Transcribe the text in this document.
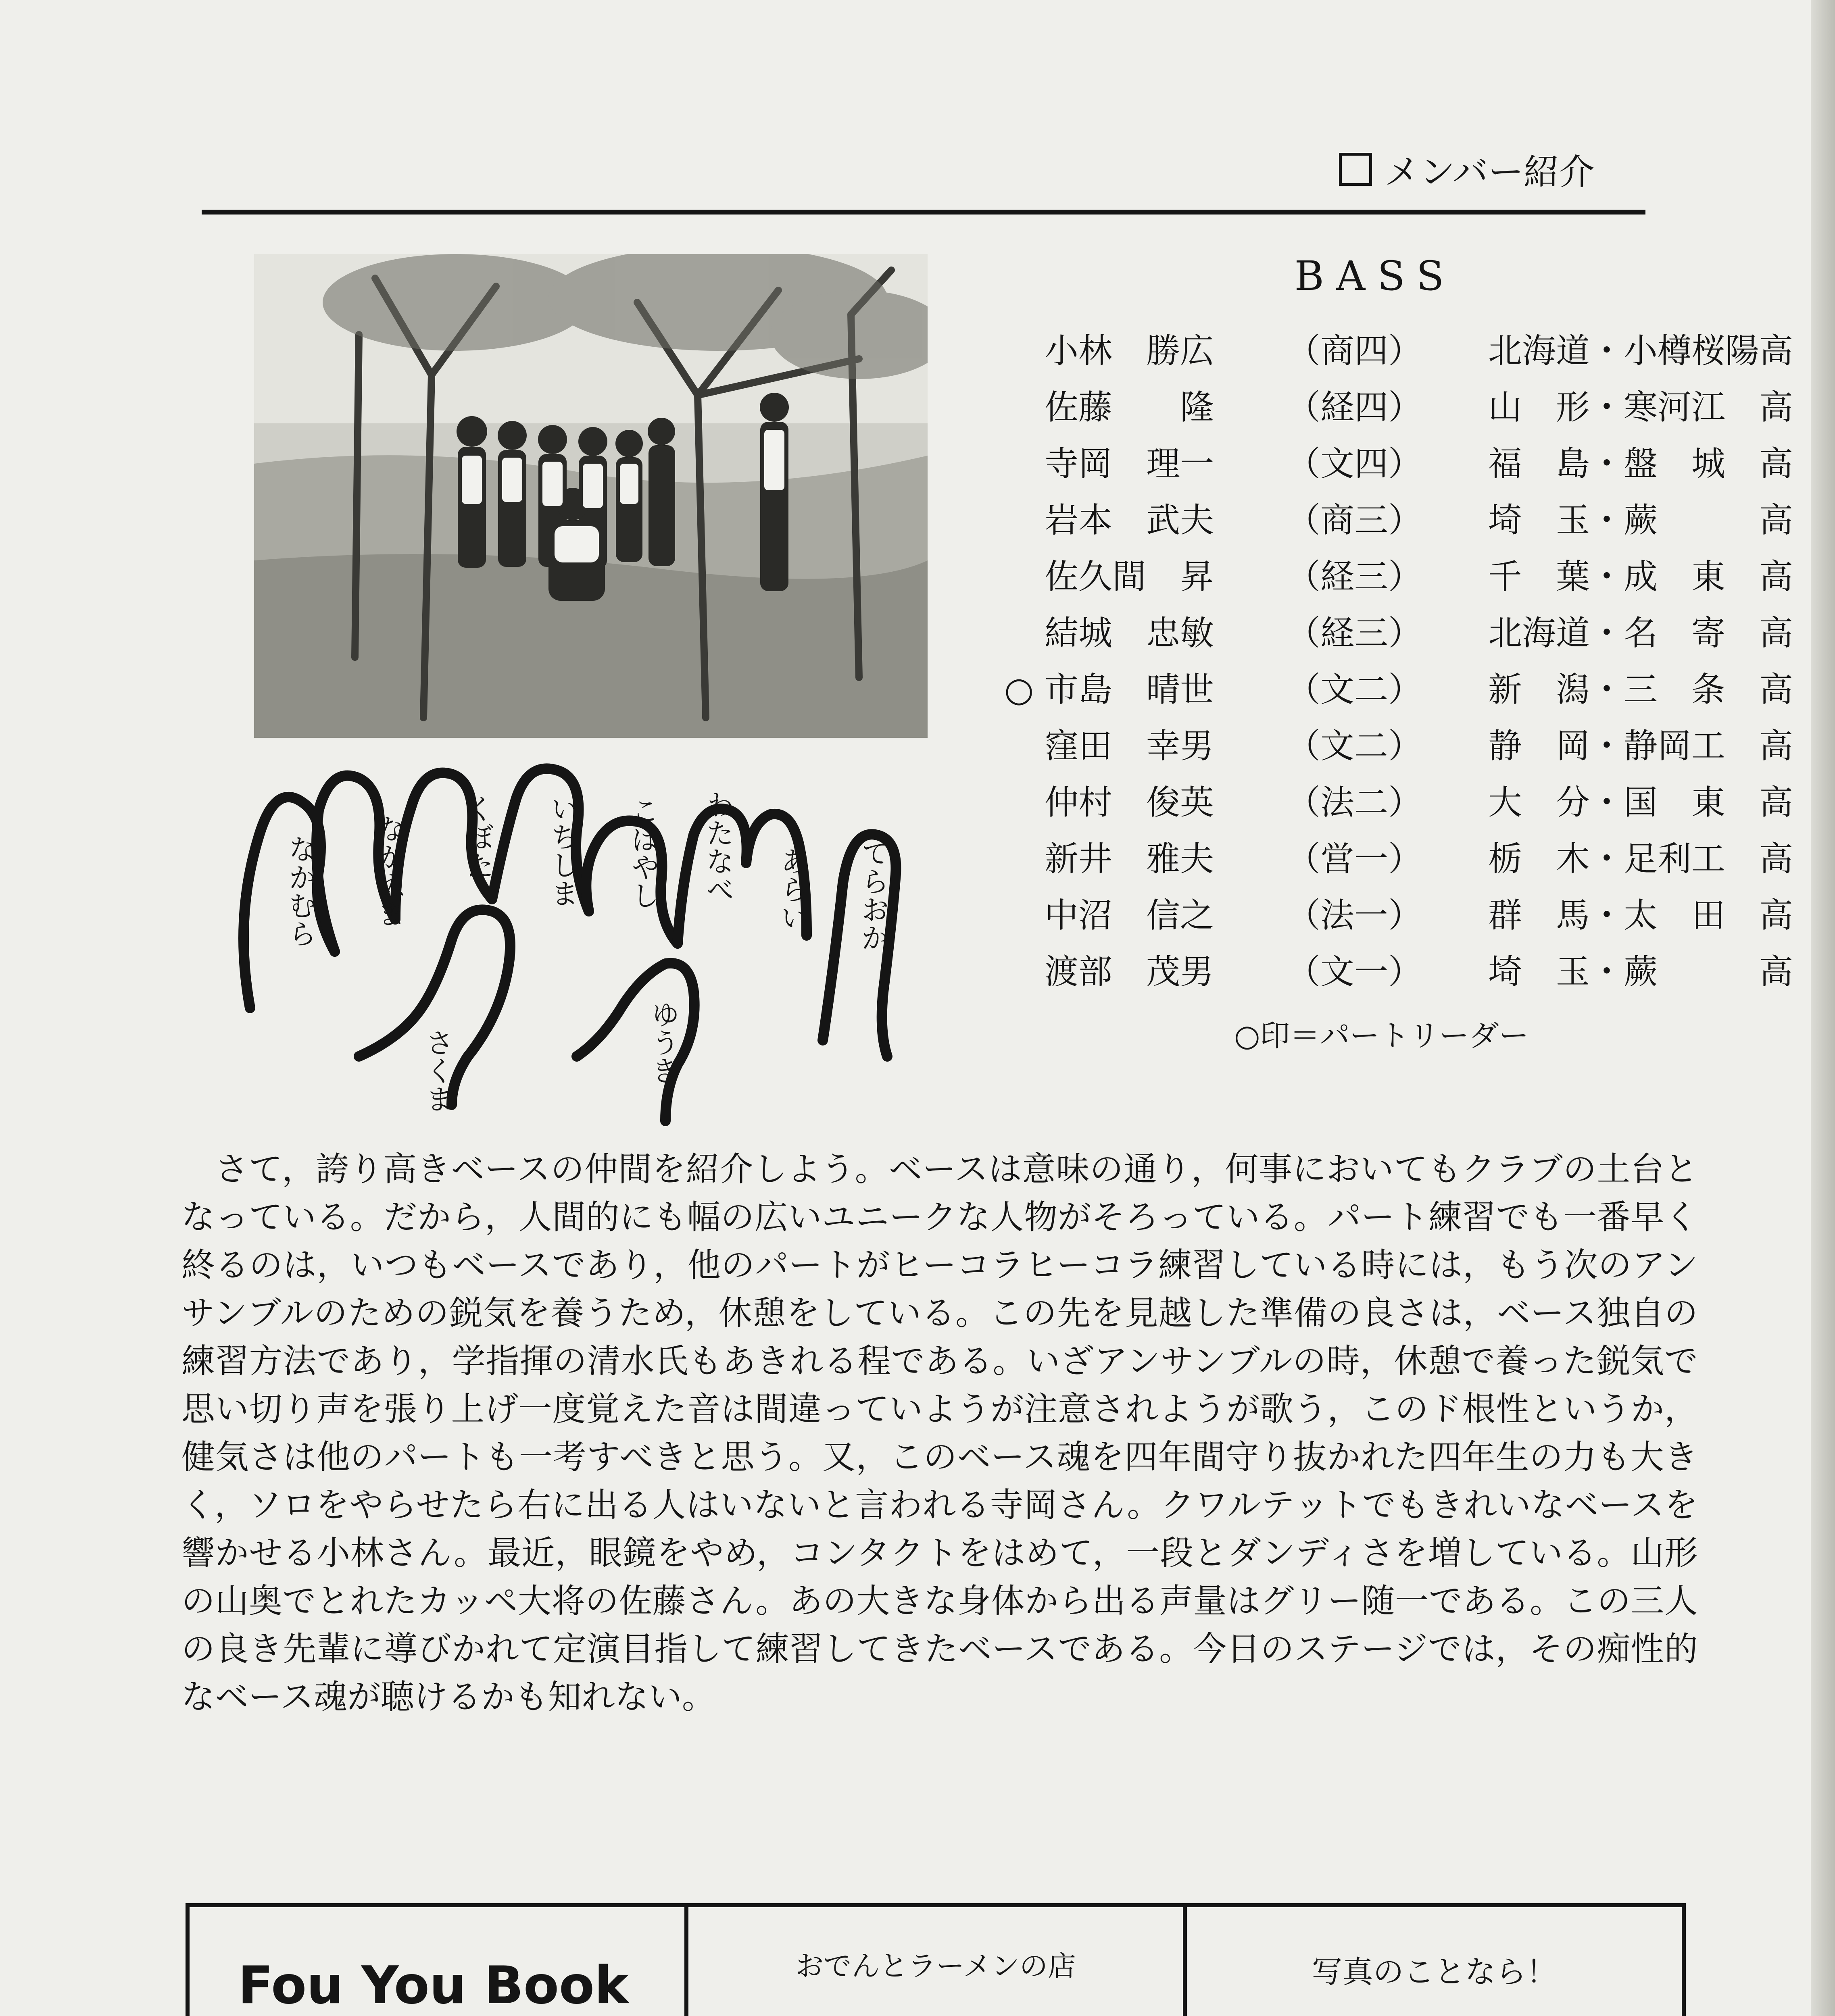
メンバー紹介
なかむら なかぬま くぼた いちしま こばやし わたなべ あらい てらおか
さくま	ゆうき
BASS
小林　勝広 （商四） 北海道・小樽桜陽高
佐藤　　隆 （経四） 山　形・寒河江　高
寺岡　理一 （文四） 福　島・盤　城　高
岩本　武夫 （商三） 埼　玉・蕨　　　高
佐久間　昇 （経三） 千　葉・成　東　高
結城　忠敏 （経三） 北海道・名　寄　高
○ 市島　晴世 （文二） 新　潟・三　条　高
窪田　幸男 （文二） 静　岡・静岡工　高
仲村　俊英 （法二） 大　分・国　東　高
新井　雅夫 （営一） 栃　木・足利工　高
中沼　信之 （法一） 群　馬・太　田　高
渡部　茂男 （文一） 埼　玉・蕨　　　高
○印＝パートリーダー

さて，誇り高きベースの仲間を紹介しよう。ベースは意味の通り，何事においてもクラブの土台となっている。だから，人間的にも幅の広いユニークな人物がそろっている。パート練習でも一番早く終るのは，いつもベースであり，他のパートがヒーコラヒーコラ練習している時には，もう次のアンサンブルのための鋭気を養うため，休憩をしている。この先を見越した準備の良さは，ベース独自の練習方法であり，学指揮の清水氏もあきれる程である。いざアンサンブルの時，休憩で養った鋭気で思い切り声を張り上げ一度覚えた音は間違っていようが注意されようが歌う，このド根性というか，健気さは他のパートも一考すべきと思う。又，このベース魂を四年間守り抜かれた四年生の力も大きく，ソロをやらせたら右に出る人はいないと言われる寺岡さん。クワルテットでもきれいなベースを響かせる小林さん。最近，眼鏡をやめ，コンタクトをはめて，一段とダンディさを増している。山形の山奥でとれたカッペ大将の佐藤さん。あの大きな身体から出る声量はグリー随一である。この三人の良き先輩に導びかれて定演目指して練習してきたベースである。今日のステージでは，その痴性的なベース魂が聴けるかも知れない。

Fou You Book	おでんとラーメンの店	写真のことなら！
